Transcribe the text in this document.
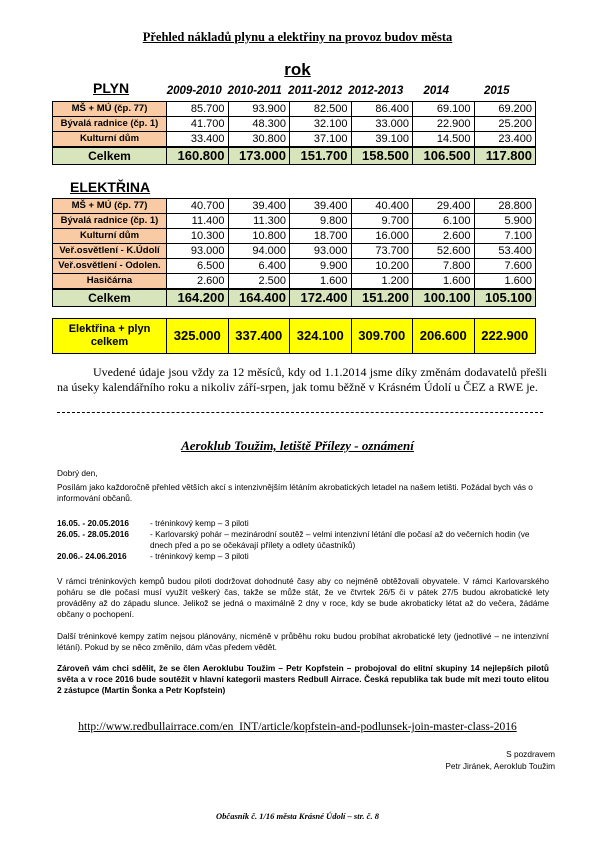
Přehled nákladů plynu a elektřiny na provoz budov města
rok
PLYN	2009-2010 2010-2011 2011-2012 2012-2013	2014	2015
MŠ + MÚ (čp. 77)	85.700	93.900	82.500	86.400	69.100	69.200
Bývalá radnice (čp. 1)	41.700	48.300	32.100	33.000	22.900	25.200
Kulturní dům	33.400	30.800	37.100	39.100	14.500	23.400
Celkem	160.800	173.000	151.700	158.500	106.500	117.800
ELEKTŘINA
MŠ + MÚ (čp. 77)	40.700	39.400	39.400	40.400	29.400	28.800
Bývalá radnice (čp. 1)	11.400	11.300	9.800	9.700	6.100	5.900
Kulturní dům	10.300	10.800	18.700	16.000	2.600	7.100
Veř.osvětlení - K.Údolí	93.000	94.000	93.000	73.700	52.600	53.400
Veř.osvětlení - Odolen.	6.500	6.400	9.900	10.200	7.800	7.600
Hasičárna	2.600	2.500	1.600	1.200	1.600	1.600
Celkem	164.200	164.400	172.400	151.200	100.100	105.100
Elektřina + plyn
celkem	325.000	337.400	324.100	309.700	206.600	222.900
Uvedené údaje jsou vždy za 12 měsíců, kdy od 1.1.2014 jsme díky změnám dodavatelů přešli na úseky kalendářního roku a nikoliv září-srpen, jak tomu běžně v Krásném Údolí u ČEZ a RWE je.
Aeroklub Toužim, letiště Přílezy - oznámení

Dobrý den,

Posílám jako každoročně přehled větších akcí s intenzivnějším létáním akrobatických letadel na našem letišti. Požádal bych vás o informování občanů.

16.05. - 20.05.2016	- tréninkový kemp – 3 piloti
26.05. - 28.05.2016	- Karlovarský pohár – mezinárodní soutěž – velmi intenzivní létání dle počasí až do večerních hodin (ve dnech před a po se očekávají přílety a odlety účastníků)
20.06.- 24.06.2016	- tréninkový kemp – 3 piloti
V rámci tréninkových kempů budou piloti dodržovat dohodnuté časy aby co nejméně obtěžovali obyvatele. V rámci Karlovarského poháru se dle počasí musí využít veškerý čas, takže se může stát, že ve čtvrtek 26/5 či v pátek 27/5 budou akrobatické lety prováděny až do západu slunce. Jelikož se jedná o maximálně 2 dny v roce, kdy se bude akrobaticky létat až do večera, žádáme občany o pochopení.
Další tréninkové kempy zatím nejsou plánovány, nicméně v průběhu roku budou probíhat akrobatické lety (jednotlivé – ne intenzivní létání). Pokud by se něco změnilo, dám včas předem vědět.
Zároveň vám chci sdělit, že se člen Aeroklubu Toužim – Petr Kopfstein – probojoval do elitní skupiny 14 nejlepších pilotů světa a v roce 2016 bude soutěžit v hlavní kategorii masters Redbull Airrace. Česká republika tak bude mít mezi touto elitou 2 zástupce (Martin Šonka a Petr Kopfstein)
http://www.redbullairrace.com/en_INT/article/kopfstein-and-podlunsek-join-master-class-2016
S pozdravem
Petr Jiránek, Aeroklub Toužim
Občasník č. 1/16 města Krásné Údolí – str. č. 8
